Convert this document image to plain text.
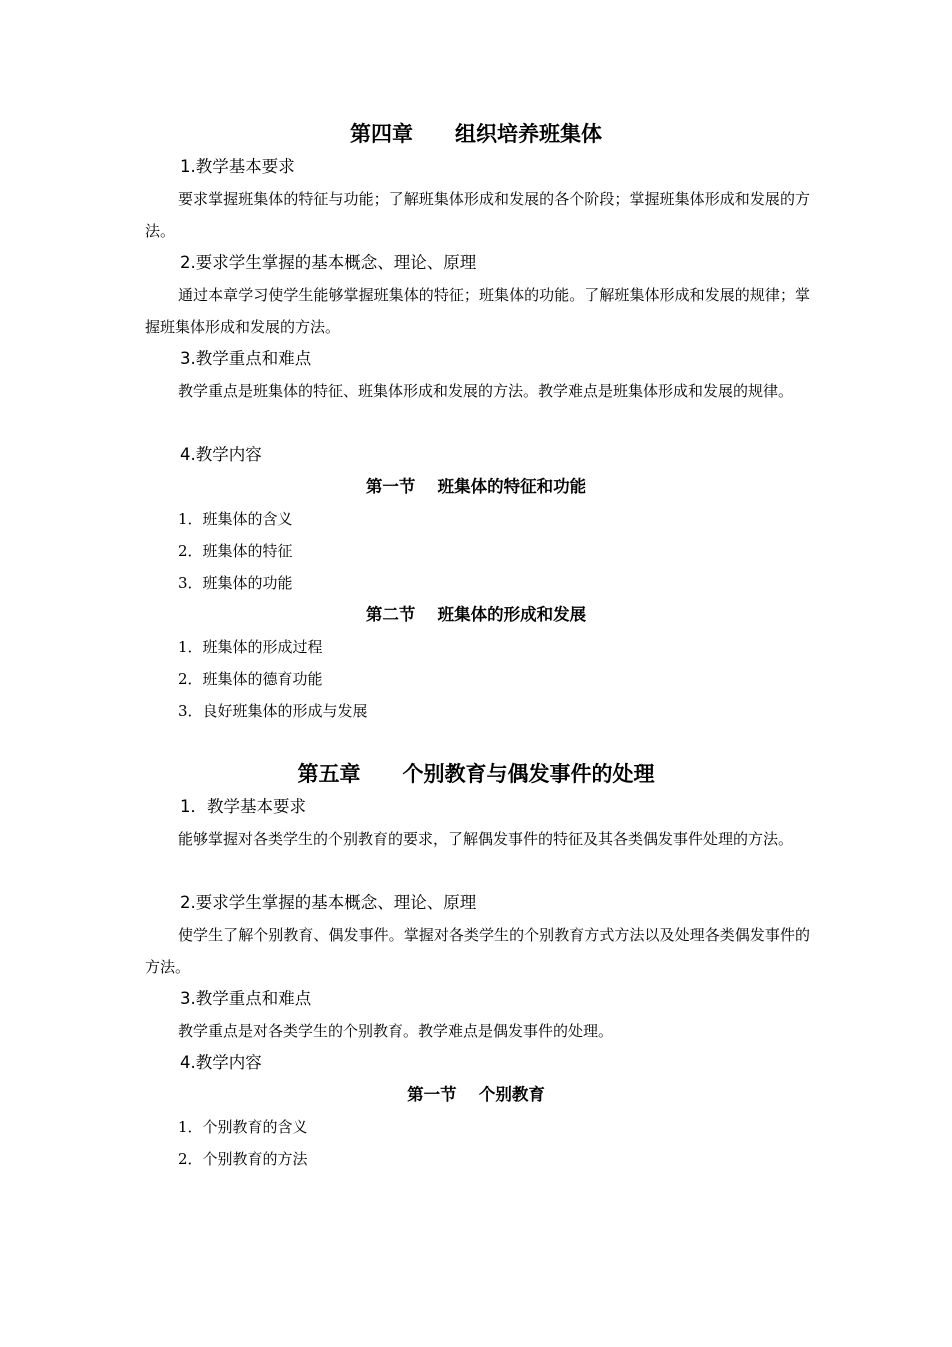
第四章　　组织培养班集体
1.教学基本要求
要求掌握班集体的特征与功能；了解班集体形成和发展的各个阶段；掌握班集体形成和发展的方法。
2.要求学生掌握的基本概念、理论、原理
通过本章学习使学生能够掌握班集体的特征；班集体的功能。了解班集体形成和发展的规律；掌握班集体形成和发展的方法。
3.教学重点和难点
教学重点是班集体的特征、班集体形成和发展的方法。教学难点是班集体形成和发展的规律。
4.教学内容
第一节　 班集体的特征和功能
1．班集体的含义
2．班集体的特征
3．班集体的功能
第二节　 班集体的形成和发展
1．班集体的形成过程
2．班集体的德育功能
3．良好班集体的形成与发展
第五章　　个别教育与偶发事件的处理
1．教学基本要求
能够掌握对各类学生的个别教育的要求，了解偶发事件的特征及其各类偶发事件处理的方法。
2.要求学生掌握的基本概念、理论、原理
使学生了解个别教育、偶发事件。掌握对各类学生的个别教育方式方法以及处理各类偶发事件的方法。
3.教学重点和难点
教学重点是对各类学生的个别教育。教学难点是偶发事件的处理。
4.教学内容
第一节　 个别教育
1．个别教育的含义
2．个别教育的方法
